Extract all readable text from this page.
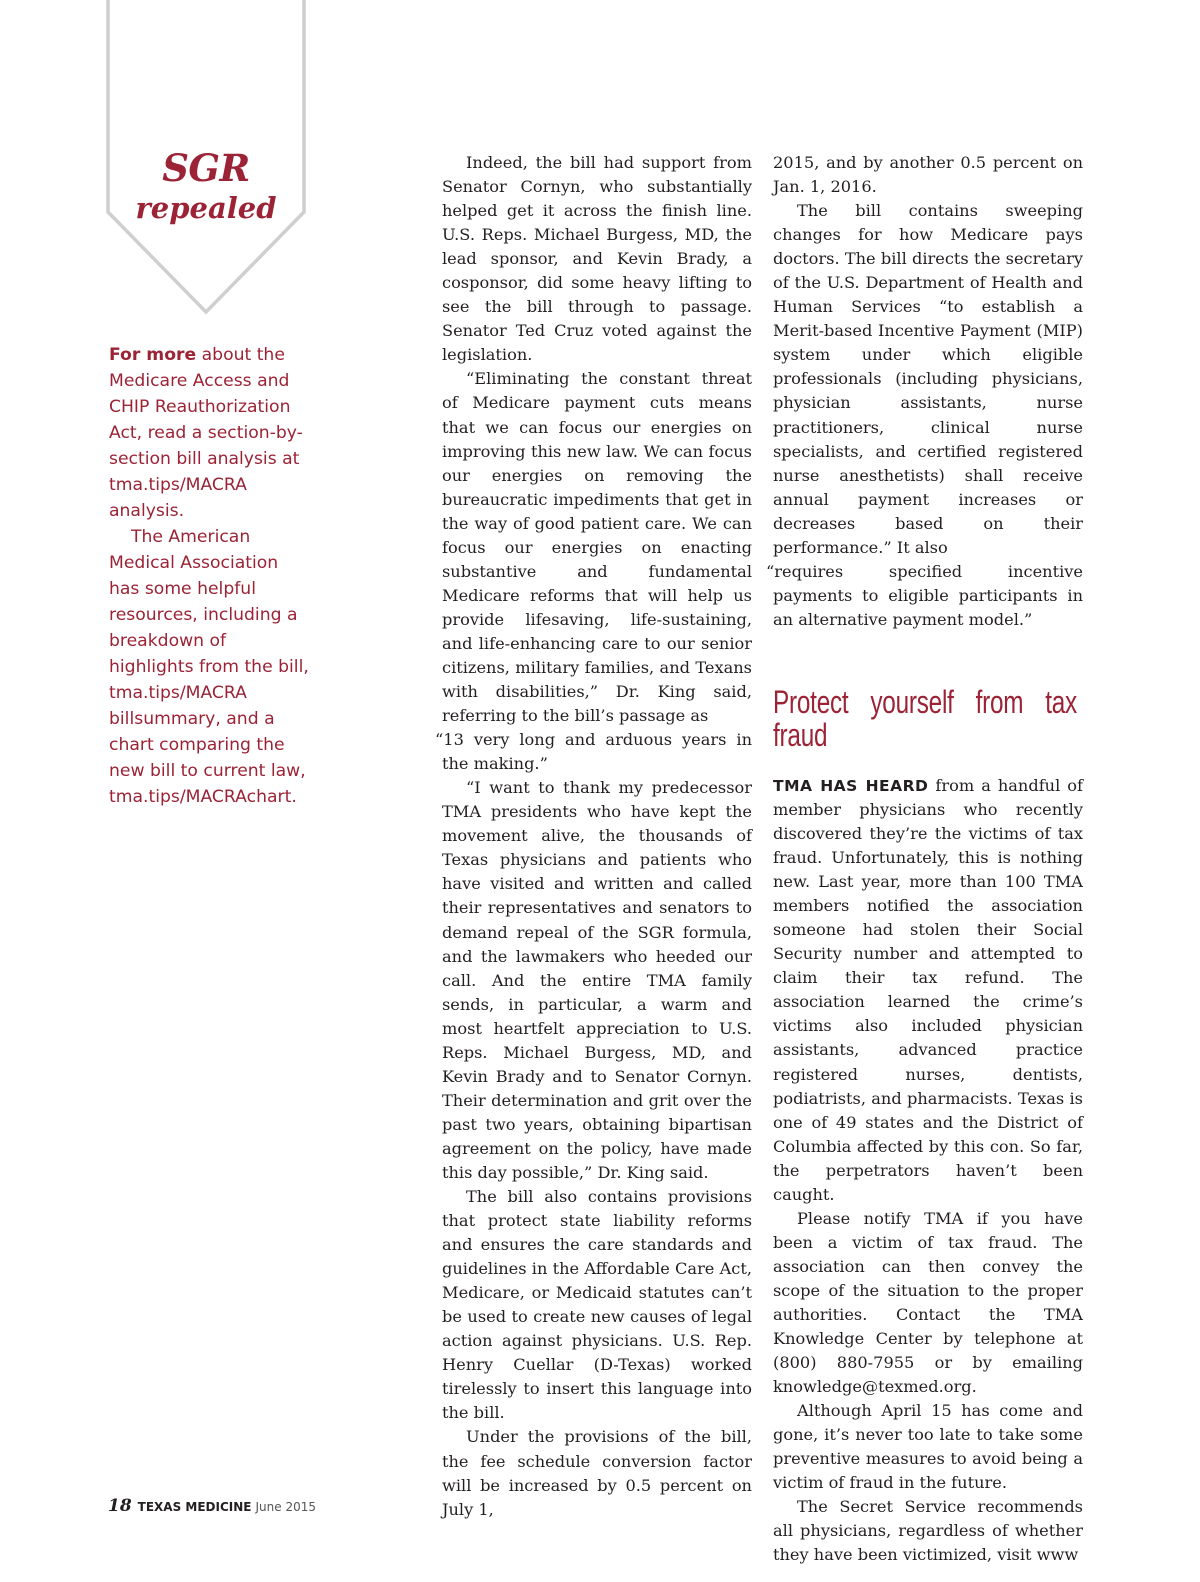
SGR
repealed

For more about the Medicare Access and CHIP Reauthorization Act, read a section-by-section bill analysis at tma.tips/MACRA analysis.

The American Medical Association has some helpful resources, including a breakdown of highlights from the bill, tma.tips/MACRA billsummary, and a chart comparing the new bill to current law, tma.tips/MACRAchart.

Indeed, the bill had support from Senator Cornyn, who substantially helped get it across the finish line. U.S. Reps. Michael Burgess, MD, the lead sponsor, and Kevin Brady, a cosponsor, did some heavy lifting to see the bill through to passage. Senator Ted Cruz voted against the legislation.

“Eliminating the constant threat of Medicare payment cuts means that we can focus our energies on improving this new law. We can focus our energies on removing the bureaucratic impediments that get in the way of good patient care. We can focus our energies on enacting substantive and fundamental Medicare reforms that will help us provide lifesaving, life-sustaining, and life-enhancing care to our senior citizens, military families, and Texans with disabilities,” Dr. King said, referring to the bill’s passage as

“13 very long and arduous years in the making.”

“I want to thank my predecessor TMA presidents who have kept the movement alive, the thousands of Texas physicians and patients who have visited and written and called their representatives and senators to demand repeal of the SGR formula, and the lawmakers who heeded our call. And the entire TMA family sends, in particular, a warm and most heartfelt appreciation to U.S. Reps. Michael Burgess, MD, and Kevin Brady and to Senator Cornyn. Their determination and grit over the past two years, obtaining bipartisan agreement on the policy, have made this day possible,” Dr. King said.

The bill also contains provisions that protect state liability reforms and ensures the care standards and guidelines in the Affordable Care Act, Medicare, or Medicaid statutes can’t be used to create new causes of legal action against physicians. U.S. Rep. Henry Cuellar (D-Texas) worked tirelessly to insert this language into the bill.

Under the provisions of the bill, the fee schedule conversion factor will be increased by 0.5 percent on July 1,

2015, and by another 0.5 percent on Jan. 1, 2016.

The bill contains sweeping changes for how Medicare pays doctors. The bill directs the secretary of the U.S. Department of Health and Human Services “to establish a Merit-based Incentive Payment (MIP) system under which eligible professionals (including physicians, physician assistants, nurse practitioners, clinical nurse specialists, and certified registered nurse anesthetists) shall receive annual payment increases or decreases based on their performance.” It also

“requires specified incentive payments to eligible participants in an alternative payment model.”

Protect yourself from tax fraud

TMA HAS HEARD from a handful of member physicians who recently discovered they’re the victims of tax fraud. Unfortunately, this is nothing new. Last year, more than 100 TMA members notified the association someone had stolen their Social Security number and attempted to claim their tax refund. The association learned the crime’s victims also included physician assistants, advanced practice registered nurses, dentists, podiatrists, and pharmacists. Texas is one of 49 states and the District of Columbia affected by this con. So far, the perpetrators haven’t been caught.

Please notify TMA if you have been a victim of tax fraud. The association can then convey the scope of the situation to the proper authorities. Contact the TMA Knowledge Center by telephone at (800) 880-7955 or by emailing knowledge@texmed.org.

Although April 15 has come and gone, it’s never too late to take some preventive measures to avoid being a victim of fraud in the future.

The Secret Service recommends all physicians, regardless of whether they have been victimized, visit www

18 TEXAS MEDICINE June 2015
